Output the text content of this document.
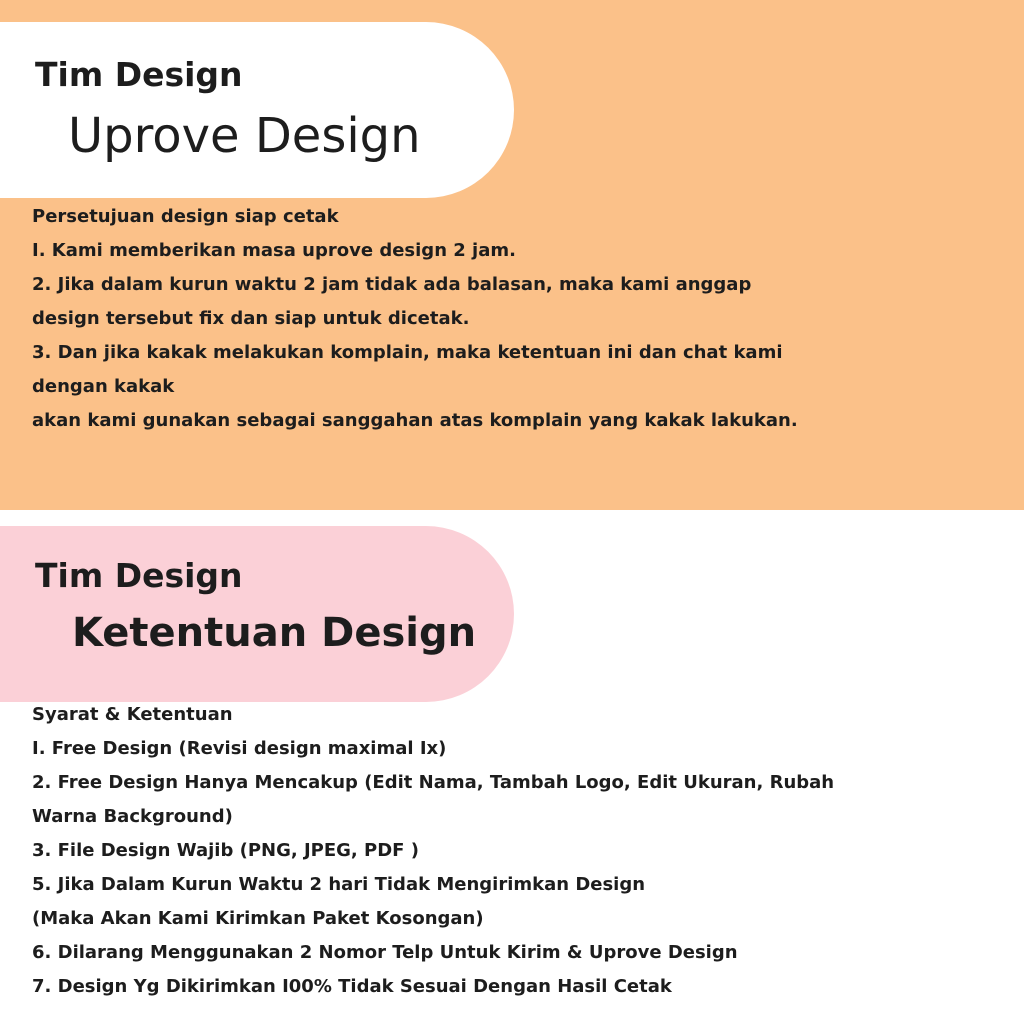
Tim Design
Uprove Design
Persetujuan design siap cetak
I. Kami memberikan masa uprove design 2 jam.
2. Jika dalam kurun waktu 2 jam tidak ada balasan, maka kami anggap
design tersebut fix dan siap untuk dicetak.
3. Dan jika kakak melakukan komplain, maka ketentuan ini dan chat kami
dengan kakak
akan kami gunakan sebagai sanggahan atas komplain yang kakak lakukan.
Tim Design
Ketentuan Design
Syarat & Ketentuan
I. Free Design (Revisi design maximal Ix)
2. Free Design Hanya Mencakup (Edit Nama, Tambah Logo, Edit Ukuran, Rubah
Warna Background)
3. File Design Wajib (PNG, JPEG, PDF )
5. Jika Dalam Kurun Waktu 2 hari Tidak Mengirimkan Design
(Maka Akan Kami Kirimkan Paket Kosongan)
6. Dilarang Menggunakan 2 Nomor Telp Untuk Kirim & Uprove Design
7. Design Yg Dikirimkan I00% Tidak Sesuai Dengan Hasil Cetak
